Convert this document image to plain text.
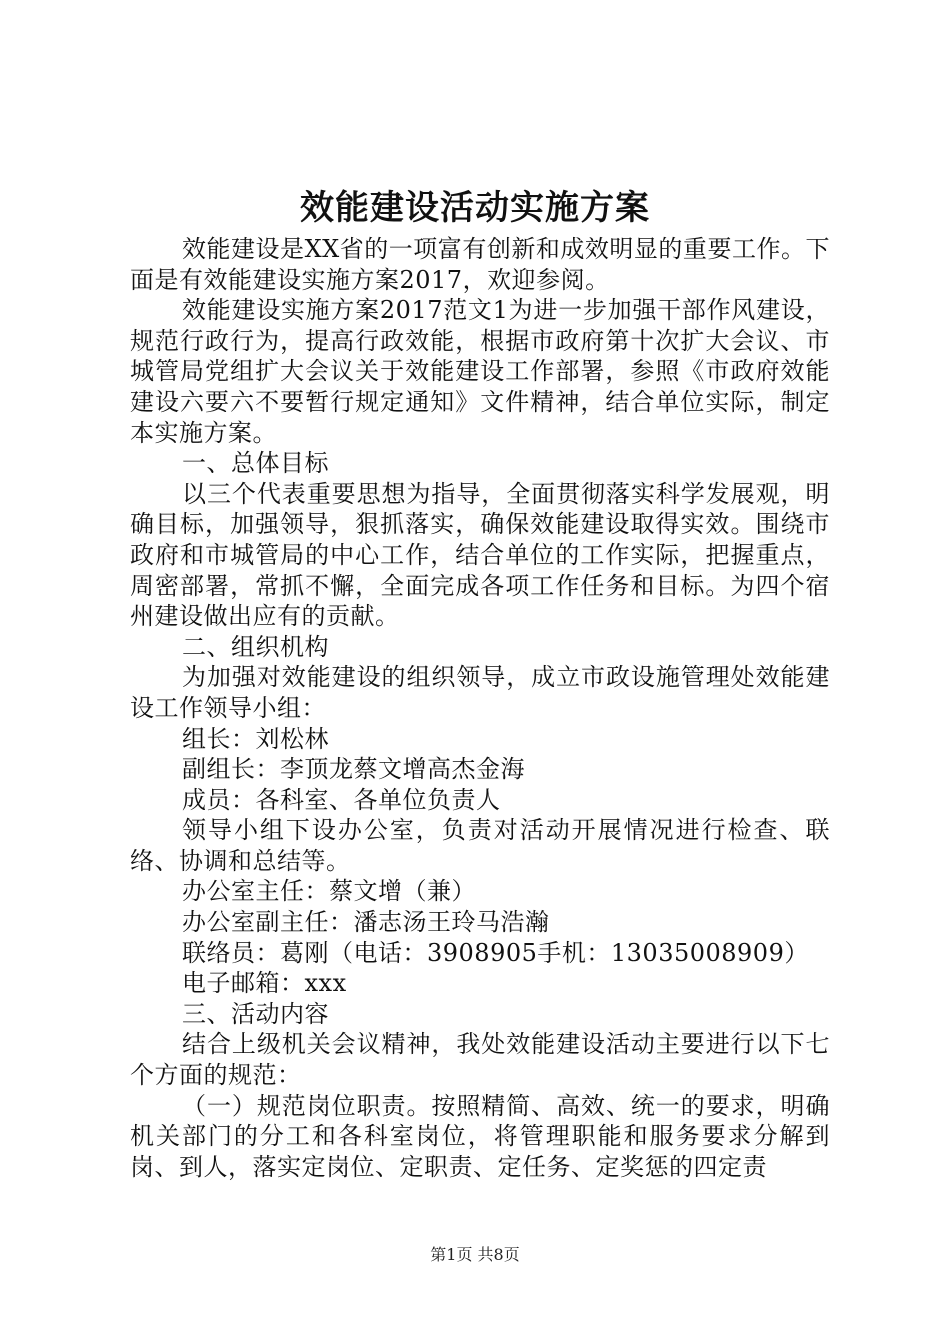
效能建设活动实施方案

效能建设是XX省的一项富有创新和成效明显的重要工作。下面是有效能建设实施方案2017，欢迎参阅。

效能建设实施方案2017范文1为进一步加强干部作风建设，规范行政行为，提高行政效能，根据市政府第十次扩大会议、市城管局党组扩大会议关于效能建设工作部署，参照《市政府效能建设六要六不要暂行规定通知》文件精神，结合单位实际，制定本实施方案。

一、总体目标

以三个代表重要思想为指导，全面贯彻落实科学发展观，明确目标，加强领导，狠抓落实，确保效能建设取得实效。围绕市政府和市城管局的中心工作，结合单位的工作实际，把握重点，周密部署，常抓不懈，全面完成各项工作任务和目标。为四个宿州建设做出应有的贡献。

二、组织机构

为加强对效能建设的组织领导，成立市政设施管理处效能建设工作领导小组：

组长：刘松林

副组长：李顶龙蔡文增高杰金海

成员：各科室、各单位负责人

领导小组下设办公室，负责对活动开展情况进行检查、联络、协调和总结等。

办公室主任：蔡文增（兼）

办公室副主任：潘志汤王玲马浩瀚

联络员：葛刚（电话：3908905手机：13035008909）

电子邮箱：xxx

三、活动内容

结合上级机关会议精神，我处效能建设活动主要进行以下七个方面的规范：

（一）规范岗位职责。按照精简、高效、统一的要求，明确机关部门的分工和各科室岗位，将管理职能和服务要求分解到岗、到人，落实定岗位、定职责、定任务、定奖惩的四定责

第1页 共8页
